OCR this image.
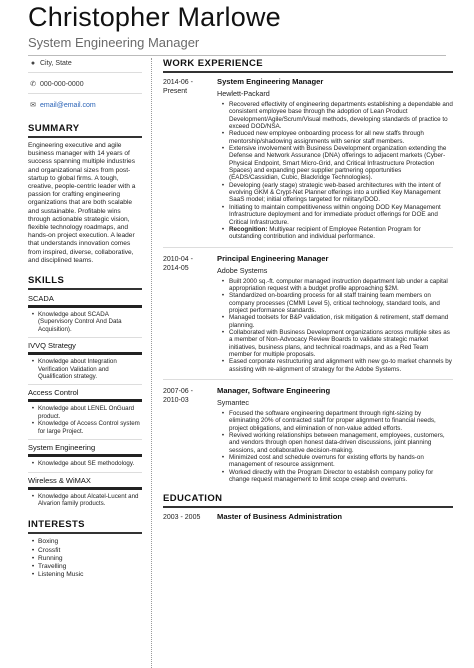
Christopher Marlowe
System Engineering Manager
● City, State
✆ 000-000-0000
✉ email@email.com
SUMMARY
Engineering executive and agile business manager with 14 years of success spanning multiple industries and organizational sizes from post-startup to global firms. A tough, creative, people-centric leader with a passion for crafting engineering organizations that are both scalable and sustainable. Profitable wins through actionable strategic vision, flexible technology roadmaps, and hands-on project execution. A leader that understands innovation comes from inspired, diverse, collaborative, and disciplined teams.
SKILLS
SCADA
• Knowledge about SCADA (Supervisory Control And Data Acquisition).
IVVQ Strategy
• Knowledge about Integration Verification Validation and Qualification strategy.
Access Control
• Knowledge about LENEL OnGuard product.
• Knowledge of Access Control system for large Project.
System Engineering
• Knowledge about SE methodology.
Wireless & WiMAX
• Knowledge about Alcatel-Lucent and Alvarion family products.
INTERESTS
• Boxing
• Crossfit
• Running
• Travelling
• Listening Music
WORK EXPERIENCE
2014-06 -
Present
System Engineering Manager
Hewlett-Packard
• Recovered effectivity of engineering departments establishing a dependable and consistent employee base through the adoption of Lean Product Development/Agile/Scrum/Visual methods, developing standards of practice to exceed DOD/NSA.
• Reduced new employee onboarding process for all new staffs through mentorship/shadowing assignments with senior staff members.
• Extensive involvement with Business Development organization extending the Defense and Network Assurance (DNA) offerings to adjacent markets (Cyber-Physical Endpoint, Smart Micro-Grid, and Critical Infrastructure Protection Spaces) and expanding peer supplier partnering opportunities (EADS/Cassidian, Cubic, Blackridge Technologies).
• Developing (early stage) strategic web-based architectures with the intent of evolving GKM & Crypt-Net Planner offerings into a unified Key Management SaaS model; initial offerings targeted for military/DOD.
• Initiating to maintain competitiveness within ongoing DOD Key Management Infrastructure deployment and for immediate product offerings for DOE and Critical Infrastructure.
• Recognition: Multiyear recipient of Employee Retention Program for outstanding contribution and individual performance.
2010-04 -
2014-05
Principal Engineering Manager
Adobe Systems
• Built 2000 sq.-ft. computer managed instruction department lab under a capital appropriation request with a budget profile approaching $2M.
• Standardized on-boarding process for all staff training team members on company processes (CMMI Level 5), critical technology, standard tools, and project performance standards.
• Managed toolsets for B&P validation, risk mitigation & retirement, staff demand planning.
• Collaborated with Business Development organizations across multiple sites as a member of Non-Advocacy Review Boards to validate strategic market initiatives, business plans, and technical roadmaps, and as a Red Team member for multiple proposals.
• Eased corporate restructuring and alignment with new go-to market channels by assisting with re-alignment of strategy for the Adobe Systems.
2007-06 -
2010-03
Manager, Software Engineering
Symantec
• Focused the software engineering department through right-sizing by eliminating 20% of contracted staff for proper alignment to financial needs, project obligations, and elimination of non-value added efforts.
• Revived working relationships between management, employees, customers, and vendors through open honest data-driven discussions, joint planning sessions, and collaborative decision-making.
• Minimized cost and schedule overruns for existing efforts by hands-on management of resource assignment.
• Worked directly with the Program Director to establish company policy for change request management to limit scope creep and overruns.
EDUCATION
2003 - 2005	Master of Business Administration
